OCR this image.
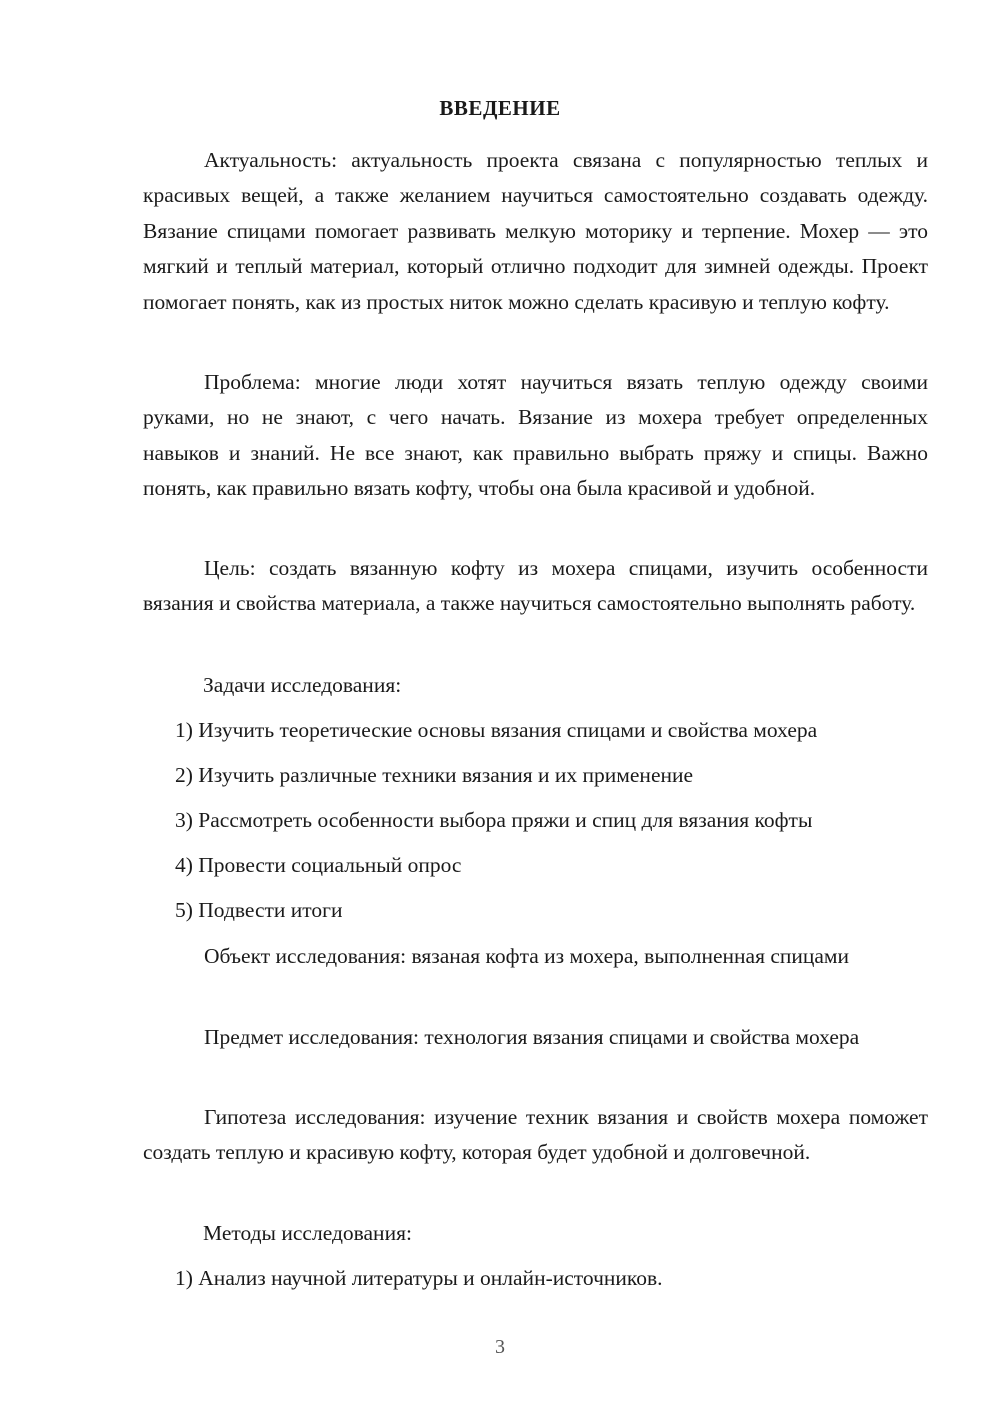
ВВЕДЕНИЕ

Актуальность: актуальность проекта связана с популярностью теплых и красивых вещей, а также желанием научиться самостоятельно создавать одежду. Вязание спицами помогает развивать мелкую моторику и терпение. Мохер — это мягкий и теплый материал, который отлично подходит для зимней одежды. Проект помогает понять, как из простых ниток можно сделать красивую и теплую кофту.

Проблема: многие люди хотят научиться вязать теплую одежду своими руками, но не знают, с чего начать. Вязание из мохера требует определенных навыков и знаний. Не все знают, как правильно выбрать пряжу и спицы. Важно понять, как правильно вязать кофту, чтобы она была красивой и удобной.

Цель: создать вязанную кофту из мохера спицами, изучить особенности вязания и свойства материала, а также научиться самостоятельно выполнять работу.

Задачи исследования:

1) Изучить теоретические основы вязания спицами и свойства мохера

2) Изучить различные техники вязания и их применение

3) Рассмотреть особенности выбора пряжи и спиц для вязания кофты

4) Провести социальный опрос

5) Подвести итоги

Объект исследования: вязаная кофта из мохера, выполненная спицами

Предмет исследования: технология вязания спицами и свойства мохера

Гипотеза исследования: изучение техник вязания и свойств мохера поможет создать теплую и красивую кофту, которая будет удобной и долговечной.

Методы исследования:

1) Анализ научной литературы и онлайн-источников.

3
